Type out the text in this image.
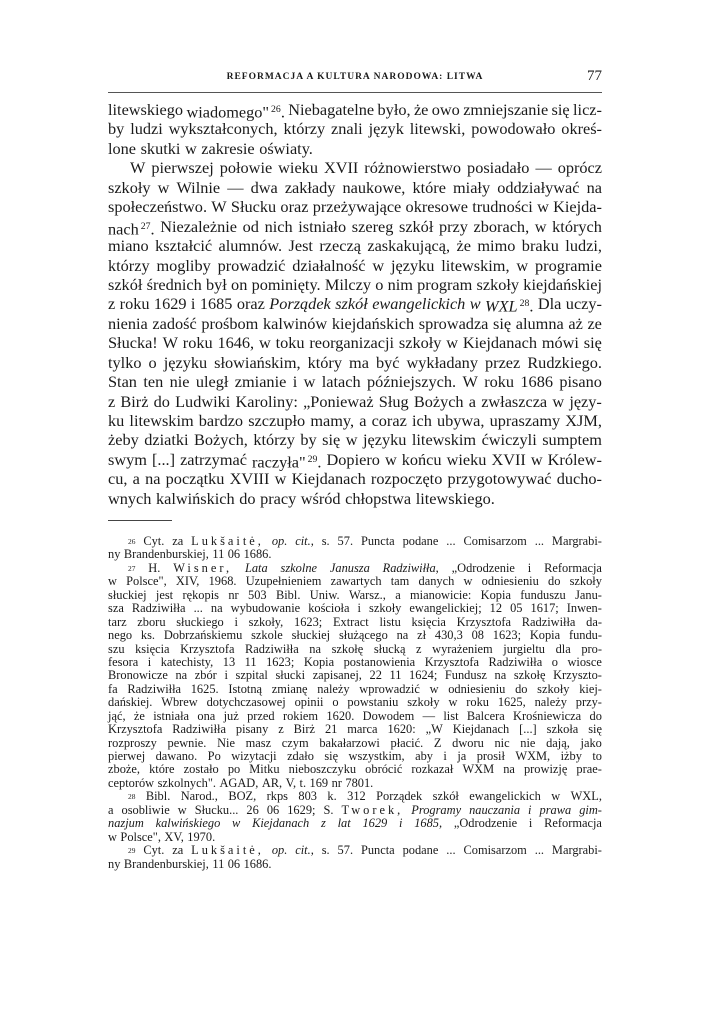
REFORMACJA A KULTURA NARODOWA: LITWA	77
litewskiego wiadomego" $^{26}$. Niebagatelne było, że owo zmniejszanie się licz-
by ludzi wykształconych, którzy znali język litewski, powodowało okreś-
lone skutki w zakresie oświaty.
W pierwszej połowie wieku XVII różnowierstwo posiadało — oprócz
szkoły w Wilnie — dwa zakłady naukowe, które miały oddziaływać na
społeczeństwo. W Słucku oraz przeżywające okresowe trudności w Kiejda-
nach $^{27}$. Niezależnie od nich istniało szereg szkół przy zborach, w których
miano kształcić alumnów. Jest rzeczą zaskakującą, że mimo braku ludzi,
którzy mogliby prowadzić działalność w języku litewskim, w programie
szkół średnich był on pominięty. Milczy o nim program szkoły kiejdańskiej
z roku 1629 i 1685 oraz Porządek szkół ewangelickich w WXL $^{28}$. Dla uczy-
nienia zadość prośbom kalwinów kiejdańskich sprowadza się alumna aż ze
Słucka! W roku 1646, w toku reorganizacji szkoły w Kiejdanach mówi się
tylko o języku słowiańskim, który ma być wykładany przez Rudzkiego.
Stan ten nie uległ zmianie i w latach późniejszych. W roku 1686 pisano
z Birż do Ludwiki Karoliny: „Ponieważ Sług Bożych a zwłaszcza w języ-
ku litewskim bardzo szczupło mamy, a coraz ich ubywa, upraszamy XJM,
żeby dziatki Bożych, którzy by się w języku litewskim ćwiczyli sumptem
swym [...] zatrzymać raczyła" $^{29}$. Dopiero w końcu wieku XVII w Królew-
cu, a na początku XVIII w Kiejdanach rozpoczęto przygotowywać ducho-
wnych kalwińskich do pracy wśród chłopstwa litewskiego.
$^{26}$ Cyt. za Lukšaitė, op. cit., s. 57. Puncta podane ... Comisarzom ... Margrabi-
ny Brandenburskiej, 11 06 1686.
$^{27}$ H. Wisner, Lata szkolne Janusza Radziwiłła, „Odrodzenie i Reformacja
w Polsce", XIV, 1968. Uzupełnieniem zawartych tam danych w odniesieniu do szkoły
słuckiej jest rękopis nr 503 Bibl. Uniw. Warsz., a mianowicie: Kopia funduszu Janu-
sza Radziwiłła ... na wybudowanie kościoła i szkoły ewangelickiej; 12 05 1617; Inwen-
tarz zboru słuckiego i szkoły, 1623; Extract listu księcia Krzysztofa Radziwiłła da-
nego ks. Dobrzańskiemu szkole słuckiej służącego na zł 430,3 08 1623; Kopia fundu-
szu księcia Krzysztofa Radziwiłła na szkołę słucką z wyrażeniem jurgieltu dla pro-
fesora i katechisty, 13 11 1623; Kopia postanowienia Krzysztofa Radziwiłła o wiosce
Bronowicze na zbór i szpital słucki zapisanej, 22 11 1624; Fundusz na szkołę Krzyszto-
fa Radziwiłła 1625. Istotną zmianę należy wprowadzić w odniesieniu do szkoły kiej-
dańskiej. Wbrew dotychczasowej opinii o powstaniu szkoły w roku 1625, należy przy-
jąć, że istniała ona już przed rokiem 1620. Dowodem — list Balcera Krośniewicza do
Krzysztofa Radziwiłła pisany z Birż 21 marca 1620: „W Kiejdanach [...] szkoła się
rozproszy pewnie. Nie masz czym bakałarzowi płacić. Z dworu nic nie dają, jako
pierwej dawano. Po wizytacji zdało się wszystkim, aby i ja prosił WXM, iżby to
zboże, które zostało po Mitku nieboszczyku obrócić rozkazał WXM na prowizję prae-
ceptorów szkolnych". AGAD, AR, V, t. 169 nr 7801.
$^{28}$ Bibl. Narod., BOZ, rkps 803 k. 312 Porządek szkół ewangelickich w WXL,
a osobliwie w Słucku... 26 06 1629; S. Tworek, Programy nauczania i prawa gim-
nazjum kalwińskiego w Kiejdanach z lat 1629 i 1685, „Odrodzenie i Reformacja
w Polsce", XV, 1970.
$^{29}$ Cyt. za Lukšaitė, op. cit., s. 57. Puncta podane ... Comisarzom ... Margrabi-
ny Brandenburskiej, 11 06 1686.
